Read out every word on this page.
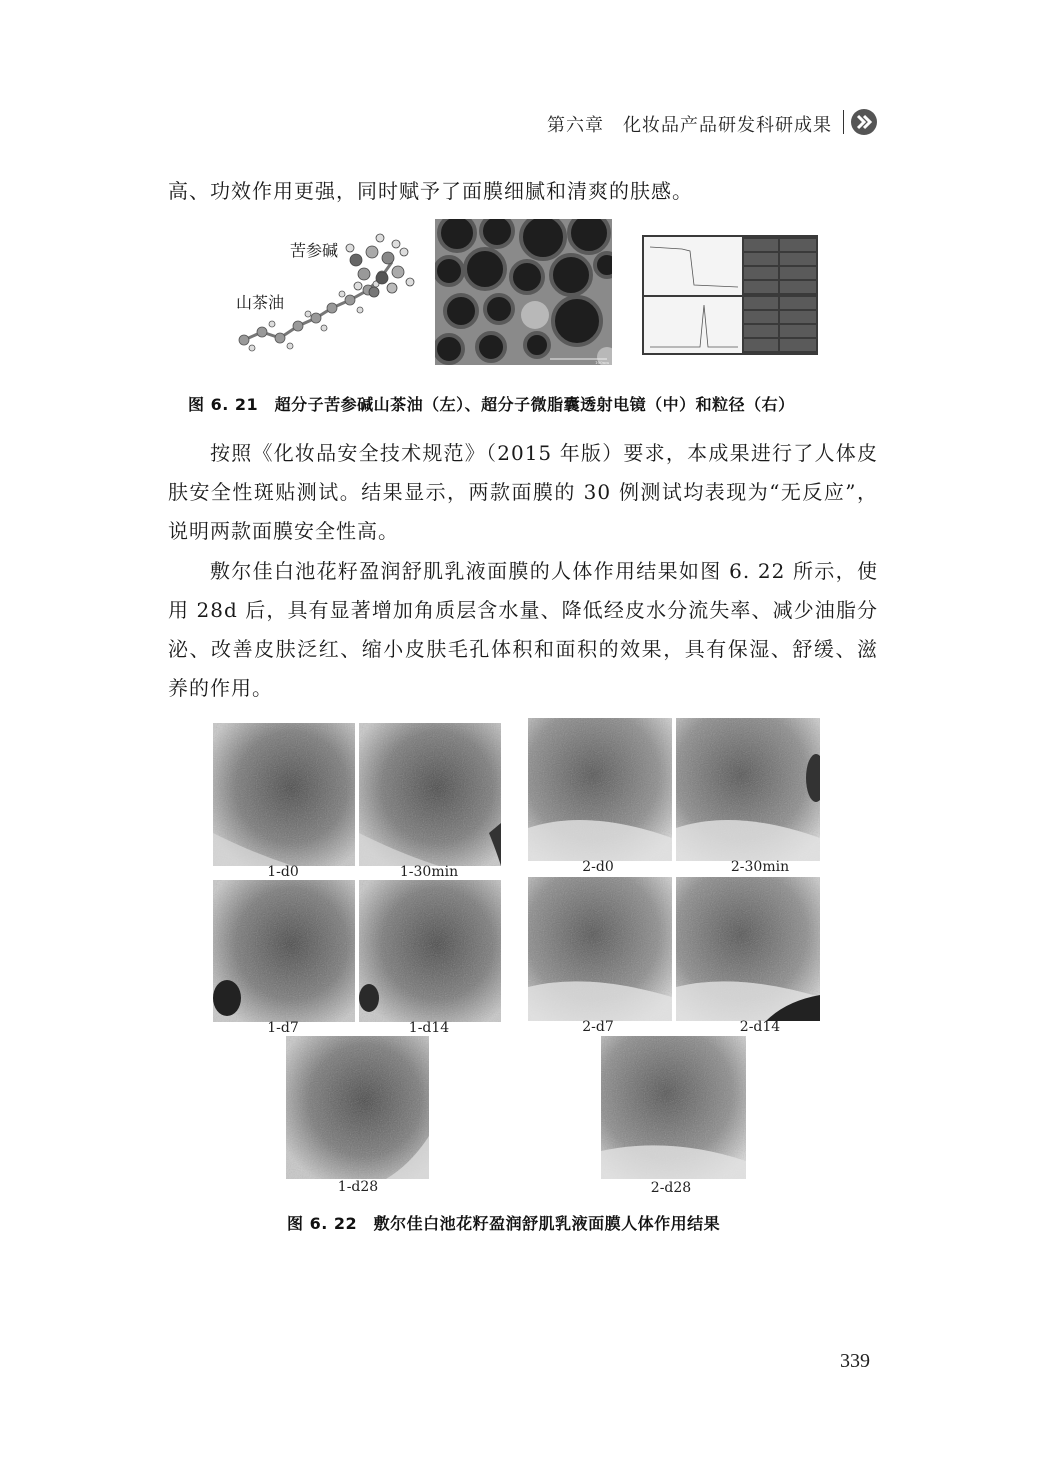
第六章　化妆品产品研发科研成果
高、功效作用更强，同时赋予了面膜细腻和清爽的肤感。
苦参碱
山茶油
100nm
图 6. 21　超分子苦参碱山茶油（左）、超分子微脂囊透射电镜（中）和粒径（右）
按照《化妆品安全技术规范》（2015 年版）要求，本成果进行了人体皮肤安全性斑贴测试。结果显示，两款面膜的 30 例测试均表现为“无反应”，说明两款面膜安全性高。
敷尔佳白池花籽盈润舒肌乳液面膜的人体作用结果如图 6. 22 所示，使用 28d 后，具有显著增加角质层含水量、降低经皮水分流失率、减少油脂分泌、改善皮肤泛红、缩小皮肤毛孔体积和面积的效果，具有保湿、舒缓、滋养的作用。
1-d0	1-30min
1-d7	1-d14
1-d28
2-d0	2-30min
2-d7	2-d14
2-d28
图 6. 22　敷尔佳白池花籽盈润舒肌乳液面膜人体作用结果
339
